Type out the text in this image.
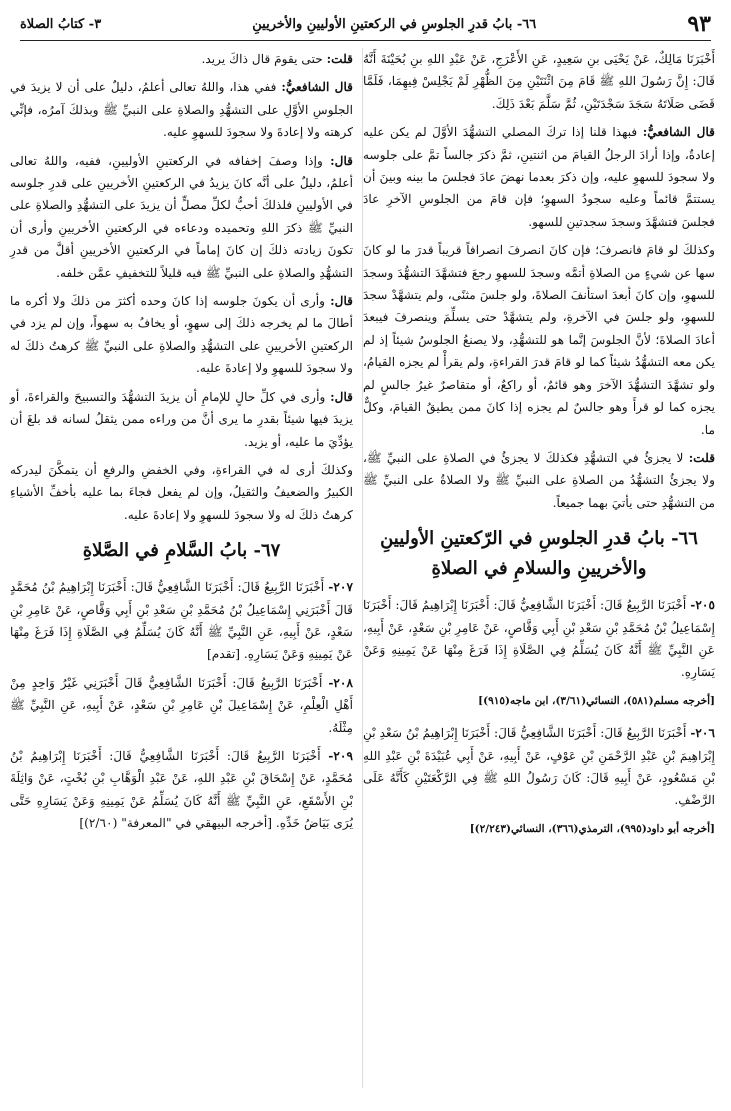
٩٣
٦٦- بابُ قدرِ الجلوسِ في الركعتينِ الأوليينِ والأخريينِ
٣- كتابُ الصلاة

أَخْبَرَنَا مَالِكٌ، عَنْ يَحْيَى بنِ سَعِيدٍ، عَنِ الأَعْرَجِ، عَنْ عَبْدِ اللهِ بنِ بُحَيْنَةَ أَنَّهُ قَالَ: إِنَّ رَسُولَ اللهِ ﷺ قَامَ مِنَ اثْنَتَيْنِ مِنَ الظُّهْرِ لَمْ يَجْلِسْ فِيهِمَا، فَلَمَّا قَضَى صَلَاتَهُ سَجَدَ سَجْدَتَيْنِ، ثُمَّ سَلَّمَ بَعْدَ ذَلِكَ.

قال الشافعيُّ: فبهذا قلنا إذا تركَ المصلي التشهُّدَ الأوَّلَ لم يكن عليه إعادةٌ، وإذا أرادَ الرجلُ القيامَ من اثنتينِ، ثمَّ ذكرَ جالساً تمَّ على جلوسه ولا سجودَ للسهوِ عليه، وإن ذكرَ بعدما نهضَ عادَ فجلسَ ما بينه وبينَ أن يستتمَّ قائماً وعليه سجودُ السهوِ؛ فإن قامَ من الجلوسِ الآخرِ عادَ فجلسَ فتشهَّدَ وسجدَ سجدتينِ للسهو.

وكذلكَ لو قامَ فانصرفَ؛ فإن كانَ انصرفَ انصرافاً قريباً قدرَ ما لو كانَ سها عن شيءٍ من الصلاةِ أتمَّه وسجدَ للسهوِ رجعَ فتشهَّدَ التشهُّدَ وسجدَ للسهوِ، وإن كانَ أبعدَ استأنفَ الصلاةَ، ولو جلسَ مثنًى، ولم يتشهَّدْ سجدَ للسهوِ، ولو جلسَ في الآخرةِ، ولم يتشهَّدْ حتى يسلِّمَ وينصرفَ فيبعدَ أعادَ الصلاةَ؛ لأنَّ الجلوسَ إنَّما هو للتشهُّدِ، ولا يصنعُ الجلوسُ شيئاً إذ لم يكن معه التشهُّدُ شيئاً كما لو قامَ قدرَ القراءةِ، ولم يقرأْ لم يجزه القيامُ، ولو تشهَّدَ التشهُّدَ الآخرَ وهو قائمٌ، أو راكعٌ، أو متقاصرٌ غيرُ جالسٍ لم يجزه كما لو قرأَ وهو جالسٌ لم يجزه إذا كانَ ممن يطيقُ القيامَ، وكلٌّ ما.

قلت: لا يجزئُ في التشهُّدِ فكذلكَ لا يجزئُ في الصلاةِ على النبيِّ ﷺ، ولا يجزئُ التشهُّدُ من الصلاةِ على النبيِّ ﷺ ولا الصلاةُ على النبيِّ ﷺ من التشهُّدِ حتى يأتيَ بهما جميعاً.

٦٦- بابُ قدرِ الجلوسِ في الرّكعتينِ الأوليينِ والأخريينِ والسلامِ في الصلاةِ

٢٠٥- أَخْبَرَنَا الرَّبِيعُ قَالَ: أَخْبَرَنَا الشَّافِعِيُّ قَالَ: أَخْبَرَنَا إِبْرَاهِيمُ قَالَ: أَخْبَرَنَا إِسْمَاعِيلُ بْنُ مُحَمَّدِ بْنِ سَعْدِ بْنِ أَبِي وَقَّاصٍ، عَنْ عَامِرِ بْنِ سَعْدٍ، عَنْ أَبِيهِ، عَنِ النَّبِيِّ ﷺ أَنَّهُ كَانَ يُسَلِّمُ فِي الصَّلَاةِ إِذَا فَرَغَ مِنْهَا عَنْ يَمِينِهِ وَعَنْ يَسَارِهِ.

[أخرجه مسلم(٥٨١)، النسائي(٣/٦١)، ابن ماجه(٩١٥)]

٢٠٦- أَخْبَرَنَا الرَّبِيعُ قَالَ: أَخْبَرَنَا الشَّافِعِيُّ قَالَ: أَخْبَرَنَا إِبْرَاهِيمُ بْنُ سَعْدِ بْنِ إِبْرَاهِيمَ بْنِ عَبْدِ الرَّحْمَنِ بْنِ عَوْفٍ، عَنْ أَبِيهِ، عَنْ أَبِي عُبَيْدَةَ بْنِ عَبْدِ اللهِ بْنِ مَسْعُودٍ، عَنْ أَبِيهِ قَالَ: كَانَ رَسُولُ اللهِ ﷺ فِي الرَّكْعَتَيْنِ كَأَنَّهُ عَلَى الرَّضْفِ.

[أخرجه أبو داود(٩٩٥)، الترمذي(٣٦٦)، النسائي(٢/٢٤٣)]

قلت: حتى يقومَ قال ذاكَ يريد.

قال الشافعيُّ: ففي هذا، واللهُ تعالى أعلمُ، دليلٌ على أن لا يزيدَ في الجلوسِ الأوَّلِ على التشهُّدِ والصلاةِ على النبيِّ ﷺ وبذلكَ آمرُه، فإنِّي كرهته ولا إعادةَ ولا سجودَ للسهوِ عليه.

قال: وإذا وصفَ إخفافه في الركعتينِ الأوليينِ، ففيه، واللهُ تعالى أعلمُ، دليلٌ على أنَّه كانَ يزيدُ في الركعتينِ الأخريينِ على قدرِ جلوسه في الأوليينِ فلذلكَ أحبُّ لكلِّ مصلٍّ أن يزيدَ على التشهُّدِ والصلاةِ على النبيِّ ﷺ ذكرَ اللهِ وتحميده ودعاءه في الركعتينِ الأخريينِ وأرى أن تكونَ زيادته ذلكَ إن كانَ إماماً في الركعتينِ الأخريينِ أقلَّ من قدرِ التشهُّدِ والصلاةِ على النبيِّ ﷺ فيه قليلاً للتخفيفِ عمَّن خلفه.

قال: وأرى أن يكونَ جلوسه إذا كانَ وحده أكثرَ من ذلكَ ولا أكره ما أطالَ ما لم يخرجه ذلكَ إلى سهوٍ، أو يخافُ به سهواً، وإن لم يزد في الركعتينِ الأخريينِ على التشهُّدِ والصلاةِ على النبيِّ ﷺ كرهتُ ذلكَ له ولا سجودَ للسهوِ ولا إعادةَ عليه.

قال: وأرى في كلِّ حالٍ للإمامِ أن يزيدَ التشهُّدَ والتسبيحَ والقراءةَ، أو يزيدَ فيها شيئاً بقدرِ ما يرى أنَّ من وراءه ممن يثقلُ لسانه قد بلغَ أن يؤدِّيَ ما عليه، أو يزيد.

وكذلكَ أرى له في القراءةِ، وفي الخفضِ والرفعِ أن يتمكَّنَ ليدركه الكبيرُ والضعيفُ والثقيلُ، وإن لم يفعل فجاءَ بما عليه بأخفِّ الأشياءِ كرهتُ ذلكَ له ولا سجودَ للسهوِ ولا إعادةَ عليه.

٦٧- بابُ السَّلامِ في الصَّلاةِ

٢٠٧- أَخْبَرَنَا الرَّبِيعُ قَالَ: أَخْبَرَنَا الشَّافِعِيُّ قَالَ: أَخْبَرَنَا إِبْرَاهِيمُ بْنُ مُحَمَّدٍ قَالَ أَخْبَرَنِي إِسْمَاعِيلُ بْنُ مُحَمَّدِ بْنِ سَعْدِ بْنِ أَبِي وَقَّاصٍ، عَنْ عَامِرِ بْنِ سَعْدٍ، عَنْ أَبِيهِ، عَنِ النَّبِيِّ ﷺ أَنَّهُ كَانَ يُسَلِّمُ فِي الصَّلَاةِ إِذَا فَرَغَ مِنْهَا عَنْ يَمِينِهِ وَعَنْ يَسَارِهِ. [تقدم]

٢٠٨- أَخْبَرَنَا الرَّبِيعُ قَالَ: أَخْبَرَنَا الشَّافِعِيُّ قَالَ أَخْبَرَنِي غَيْرُ وَاحِدٍ مِنْ أَهْلِ الْعِلْمِ، عَنْ إِسْمَاعِيلَ بْنِ عَامِرِ بْنِ سَعْدٍ، عَنْ أَبِيهِ، عَنِ النَّبِيِّ ﷺ مِثْلَهُ.

٢٠٩- أَخْبَرَنَا الرَّبِيعُ قَالَ: أَخْبَرَنَا الشَّافِعِيُّ قَالَ: أَخْبَرَنَا إِبْرَاهِيمُ بْنُ مُحَمَّدٍ، عَنْ إِسْحَاقَ بْنِ عَبْدِ اللهِ، عَنْ عَبْدِ الْوَهَّابِ بْنِ بُخْتٍ، عَنْ وَاثِلَةَ بْنِ الأَسْقَعِ، عَنِ النَّبِيِّ ﷺ أَنَّهُ كَانَ يُسَلِّمُ عَنْ يَمِينِهِ وَعَنْ يَسَارِهِ حَتَّى يُرَى بَيَاضُ خَدِّهِ. [أخرجه البيهقي في "المعرفة" (٢/٦٠)]
